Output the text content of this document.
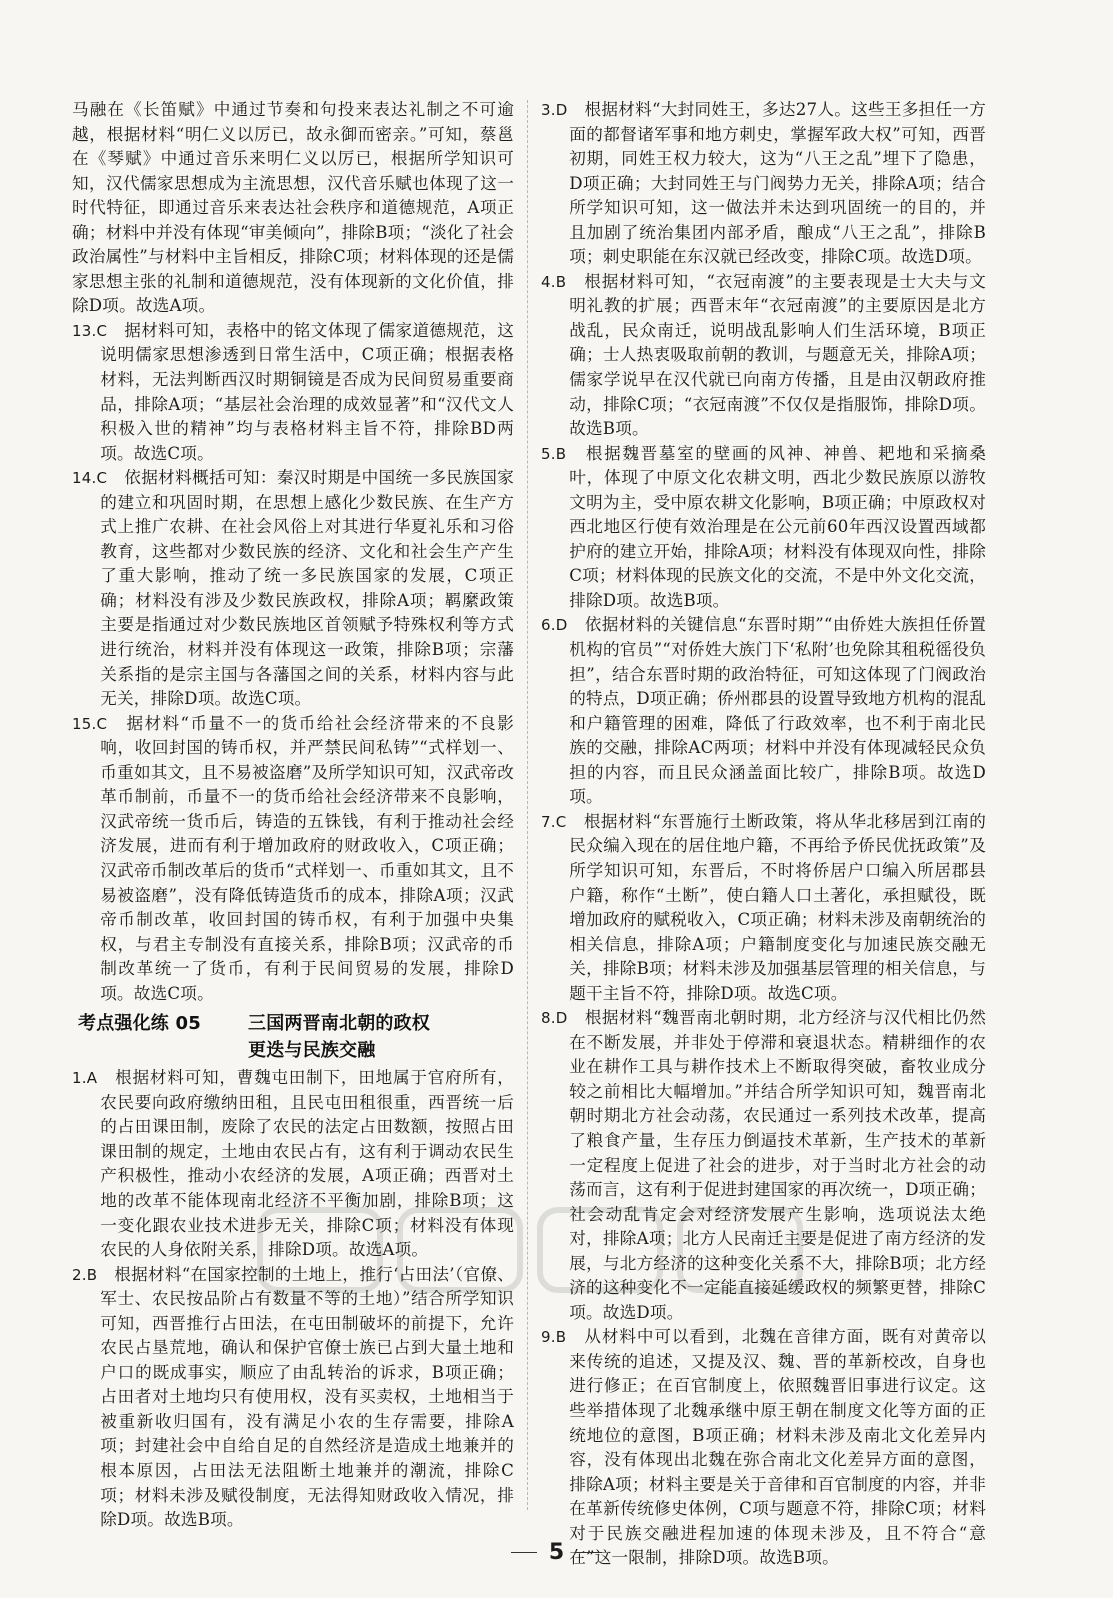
马融在《长笛赋》中通过节奏和句投来表达礼制之不可逾越，根据材料“明仁义以厉已，故永御而密亲。”可知，蔡邕在《琴赋》中通过音乐来明仁义以厉已，根据所学知识可知，汉代儒家思想成为主流思想，汉代音乐赋也体现了这一时代特征，即通过音乐来表达社会秩序和道德规范，A项正确；材料中并没有体现“审美倾向”，排除B项；“淡化了社会政治属性”与材料中主旨相反，排除C项；材料体现的还是儒家思想主张的礼制和道德规范，没有体现新的文化价值，排除D项。故选A项。

13.C　 据材料可知，表格中的铭文体现了儒家道德规范，这说明儒家思想渗透到日常生活中，C项正确；根据表格材料，无法判断西汉时期铜镜是否成为民间贸易重要商品，排除A项；“基层社会治理的成效显著”和“汉代文人积极入世的精神”均与表格材料主旨不符，排除BD两项。故选C项。

14.C　 依据材料概括可知：秦汉时期是中国统一多民族国家的建立和巩固时期，在思想上感化少数民族、在生产方式上推广农耕、在社会风俗上对其进行华夏礼乐和习俗教育，这些都对少数民族的经济、文化和社会生产产生了重大影响，推动了统一多民族国家的发展，C项正确；材料没有涉及少数民族政权，排除A项；羁縻政策主要是指通过对少数民族地区首领赋予特殊权利等方式进行统治，材料并没有体现这一政策，排除B项；宗藩关系指的是宗主国与各藩国之间的关系，材料内容与此无关，排除D项。故选C项。

15.C　 据材料“币量不一的货币给社会经济带来的不良影响，收回封国的铸币权，并严禁民间私铸”“式样划一、币重如其文，且不易被盗磨”及所学知识可知，汉武帝改革币制前，币量不一的货币给社会经济带来不良影响，汉武帝统一货币后，铸造的五铢钱，有利于推动社会经济发展，进而有利于增加政府的财政收入，C项正确；汉武帝币制改革后的货币“式样划一、币重如其文，且不易被盗磨”，没有降低铸造货币的成本，排除A项；汉武帝币制改革，收回封国的铸币权，有利于加强中央集权，与君主专制没有直接关系，排除B项；汉武帝的币制改革统一了货币，有利于民间贸易的发展，排除D项。故选C项。

考点强化练 05	三国两晋南北朝的政权
更迭与民族交融

1.A　 根据材料可知，曹魏屯田制下，田地属于官府所有，农民要向政府缴纳田租，且民屯田租很重，西晋统一后的占田课田制，废除了农民的法定占田数额，按照占田课田制的规定，土地由农民占有，这有利于调动农民生产积极性，推动小农经济的发展，A项正确；西晋对土地的改革不能体现南北经济不平衡加剧，排除B项；这一变化跟农业技术进步无关，排除C项；材料没有体现农民的人身依附关系，排除D项。故选A项。

2.B　 根据材料“在国家控制的土地上，推行‘占田法’（官僚、军士、农民按品阶占有数量不等的土地）”结合所学知识可知，西晋推行占田法，在屯田制破坏的前提下，允许农民占垦荒地，确认和保护官僚士族已占到大量土地和户口的既成事实，顺应了由乱转治的诉求，B项正确；占田者对土地均只有使用权，没有买卖权，土地相当于被重新收归国有，没有满足小农的生存需要，排除A项；封建社会中自给自足的自然经济是造成土地兼并的根本原因，占田法无法阻断土地兼并的潮流，排除C项；材料未涉及赋役制度，无法得知财政收入情况，排除D项。故选B项。

3.D　 根据材料“大封同姓王，多达27人。这些王多担任一方面的都督诸军事和地方刺史，掌握军政大权”可知，西晋初期，同姓王权力较大，这为“八王之乱”埋下了隐患，D项正确；大封同姓王与门阀势力无关，排除A项；结合所学知识可知，这一做法并未达到巩固统一的目的，并且加剧了统治集团内部矛盾，酿成“八王之乱”，排除B项；刺史职能在东汉就已经改变，排除C项。故选D项。

4.B　 根据材料可知，“衣冠南渡”的主要表现是士大夫与文明礼教的扩展；西晋末年“衣冠南渡”的主要原因是北方战乱，民众南迁，说明战乱影响人们生活环境，B项正确；士人热衷吸取前朝的教训，与题意无关，排除A项；儒家学说早在汉代就已向南方传播，且是由汉朝政府推动，排除C项；“衣冠南渡”不仅仅是指服饰，排除D项。故选B项。

5.B　 根据魏晋墓室的壁画的风神、神兽、耙地和采摘桑叶，体现了中原文化农耕文明，西北少数民族原以游牧文明为主，受中原农耕文化影响，B项正确；中原政权对西北地区行使有效治理是在公元前60年西汉设置西域都护府的建立开始，排除A项；材料没有体现双向性，排除C项；材料体现的民族文化的交流，不是中外文化交流，排除D项。故选B项。

6.D　 依据材料的关键信息“东晋时期”“由侨姓大族担任侨置机构的官员”“对侨姓大族门下‘私附’也免除其租税徭役负担”，结合东晋时期的政治特征，可知这体现了门阀政治的特点，D项正确；侨州郡县的设置导致地方机构的混乱和户籍管理的困难，降低了行政效率，也不利于南北民族的交融，排除AC两项；材料中并没有体现减轻民众负担的内容，而且民众涵盖面比较广，排除B项。故选D项。

7.C　 根据材料“东晋施行土断政策，将从华北移居到江南的民众编入现在的居住地户籍，不再给予侨民优抚政策”及所学知识可知，东晋后，不时将侨居户口编入所居郡县户籍，称作“土断”，使白籍人口土著化，承担赋役，既增加政府的赋税收入，C项正确；材料未涉及南朝统治的相关信息，排除A项；户籍制度变化与加速民族交融无关，排除B项；材料未涉及加强基层管理的相关信息，与题干主旨不符，排除D项。故选C项。

8.D　 根据材料“魏晋南北朝时期，北方经济与汉代相比仍然在不断发展，并非处于停滞和衰退状态。精耕细作的农业在耕作工具与耕作技术上不断取得突破，畜牧业成分较之前相比大幅增加。”并结合所学知识可知，魏晋南北朝时期北方社会动荡，农民通过一系列技术改革，提高了粮食产量，生存压力倒逼技术革新，生产技术的革新一定程度上促进了社会的进步，对于当时北方社会的动荡而言，这有利于促进封建国家的再次统一，D项正确；社会动乱肯定会对经济发展产生影响，选项说法太绝对，排除A项；北方人民南迁主要是促进了南方经济的发展，与北方经济的这种变化关系不大，排除B项；北方经济的这种变化不一定能直接延缓政权的频繁更替，排除C项。故选D项。

9.B　 从材料中可以看到，北魏在音律方面，既有对黄帝以来传统的追述，又提及汉、魏、晋的革新校改，自身也进行修正；在百官制度上，依照魏晋旧事进行议定。这些举措体现了北魏承继中原王朝在制度文化等方面的正统地位的意图，B项正确；材料未涉及南北文化差异内容，没有体现出北魏在弥合南北文化差异方面的意图，排除A项；材料主要是关于音律和百官制度的内容，并非在革新传统修史体例，C项与题意不符，排除C项；材料对于民族交融进程加速的体现未涉及，且不符合“意在”这一限制，排除D项。故选B项。

5
